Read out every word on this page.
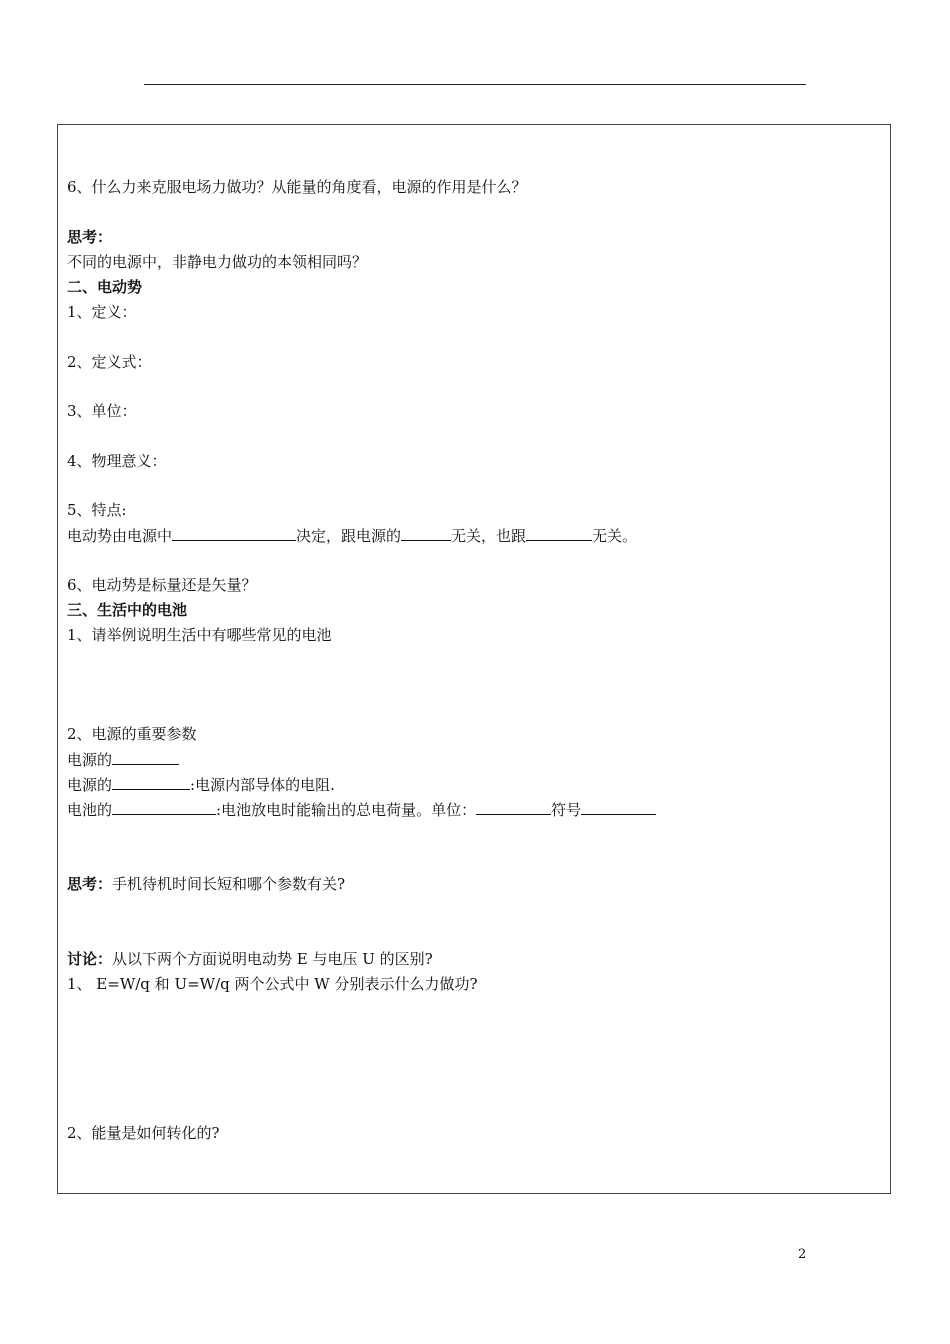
6、什么力来克服电场力做功？从能量的角度看，电源的作用是什么？
思考：
不同的电源中，非静电力做功的本领相同吗？
二、电动势
1、定义：
2、定义式：
3、单位：
4、物理意义：
5、特点:
电动势由电源中	决定，跟电源的	无关，也跟	无关。
6、电动势是标量还是矢量？
三、生活中的电池
1、请举例说明生活中有哪些常见的电池
2、电源的重要参数
电源的
电源的	:电源内部导体的电阻.
电池的	:电池放电时能输出的总电荷量。单位：	符号
思考：手机待机时间长短和哪个参数有关?
讨论：从以下两个方面说明电动势 E 与电压 U 的区别?
1、 E=W/q 和 U=W/q 两个公式中 W 分别表示什么力做功?
2、能量是如何转化的?
2
